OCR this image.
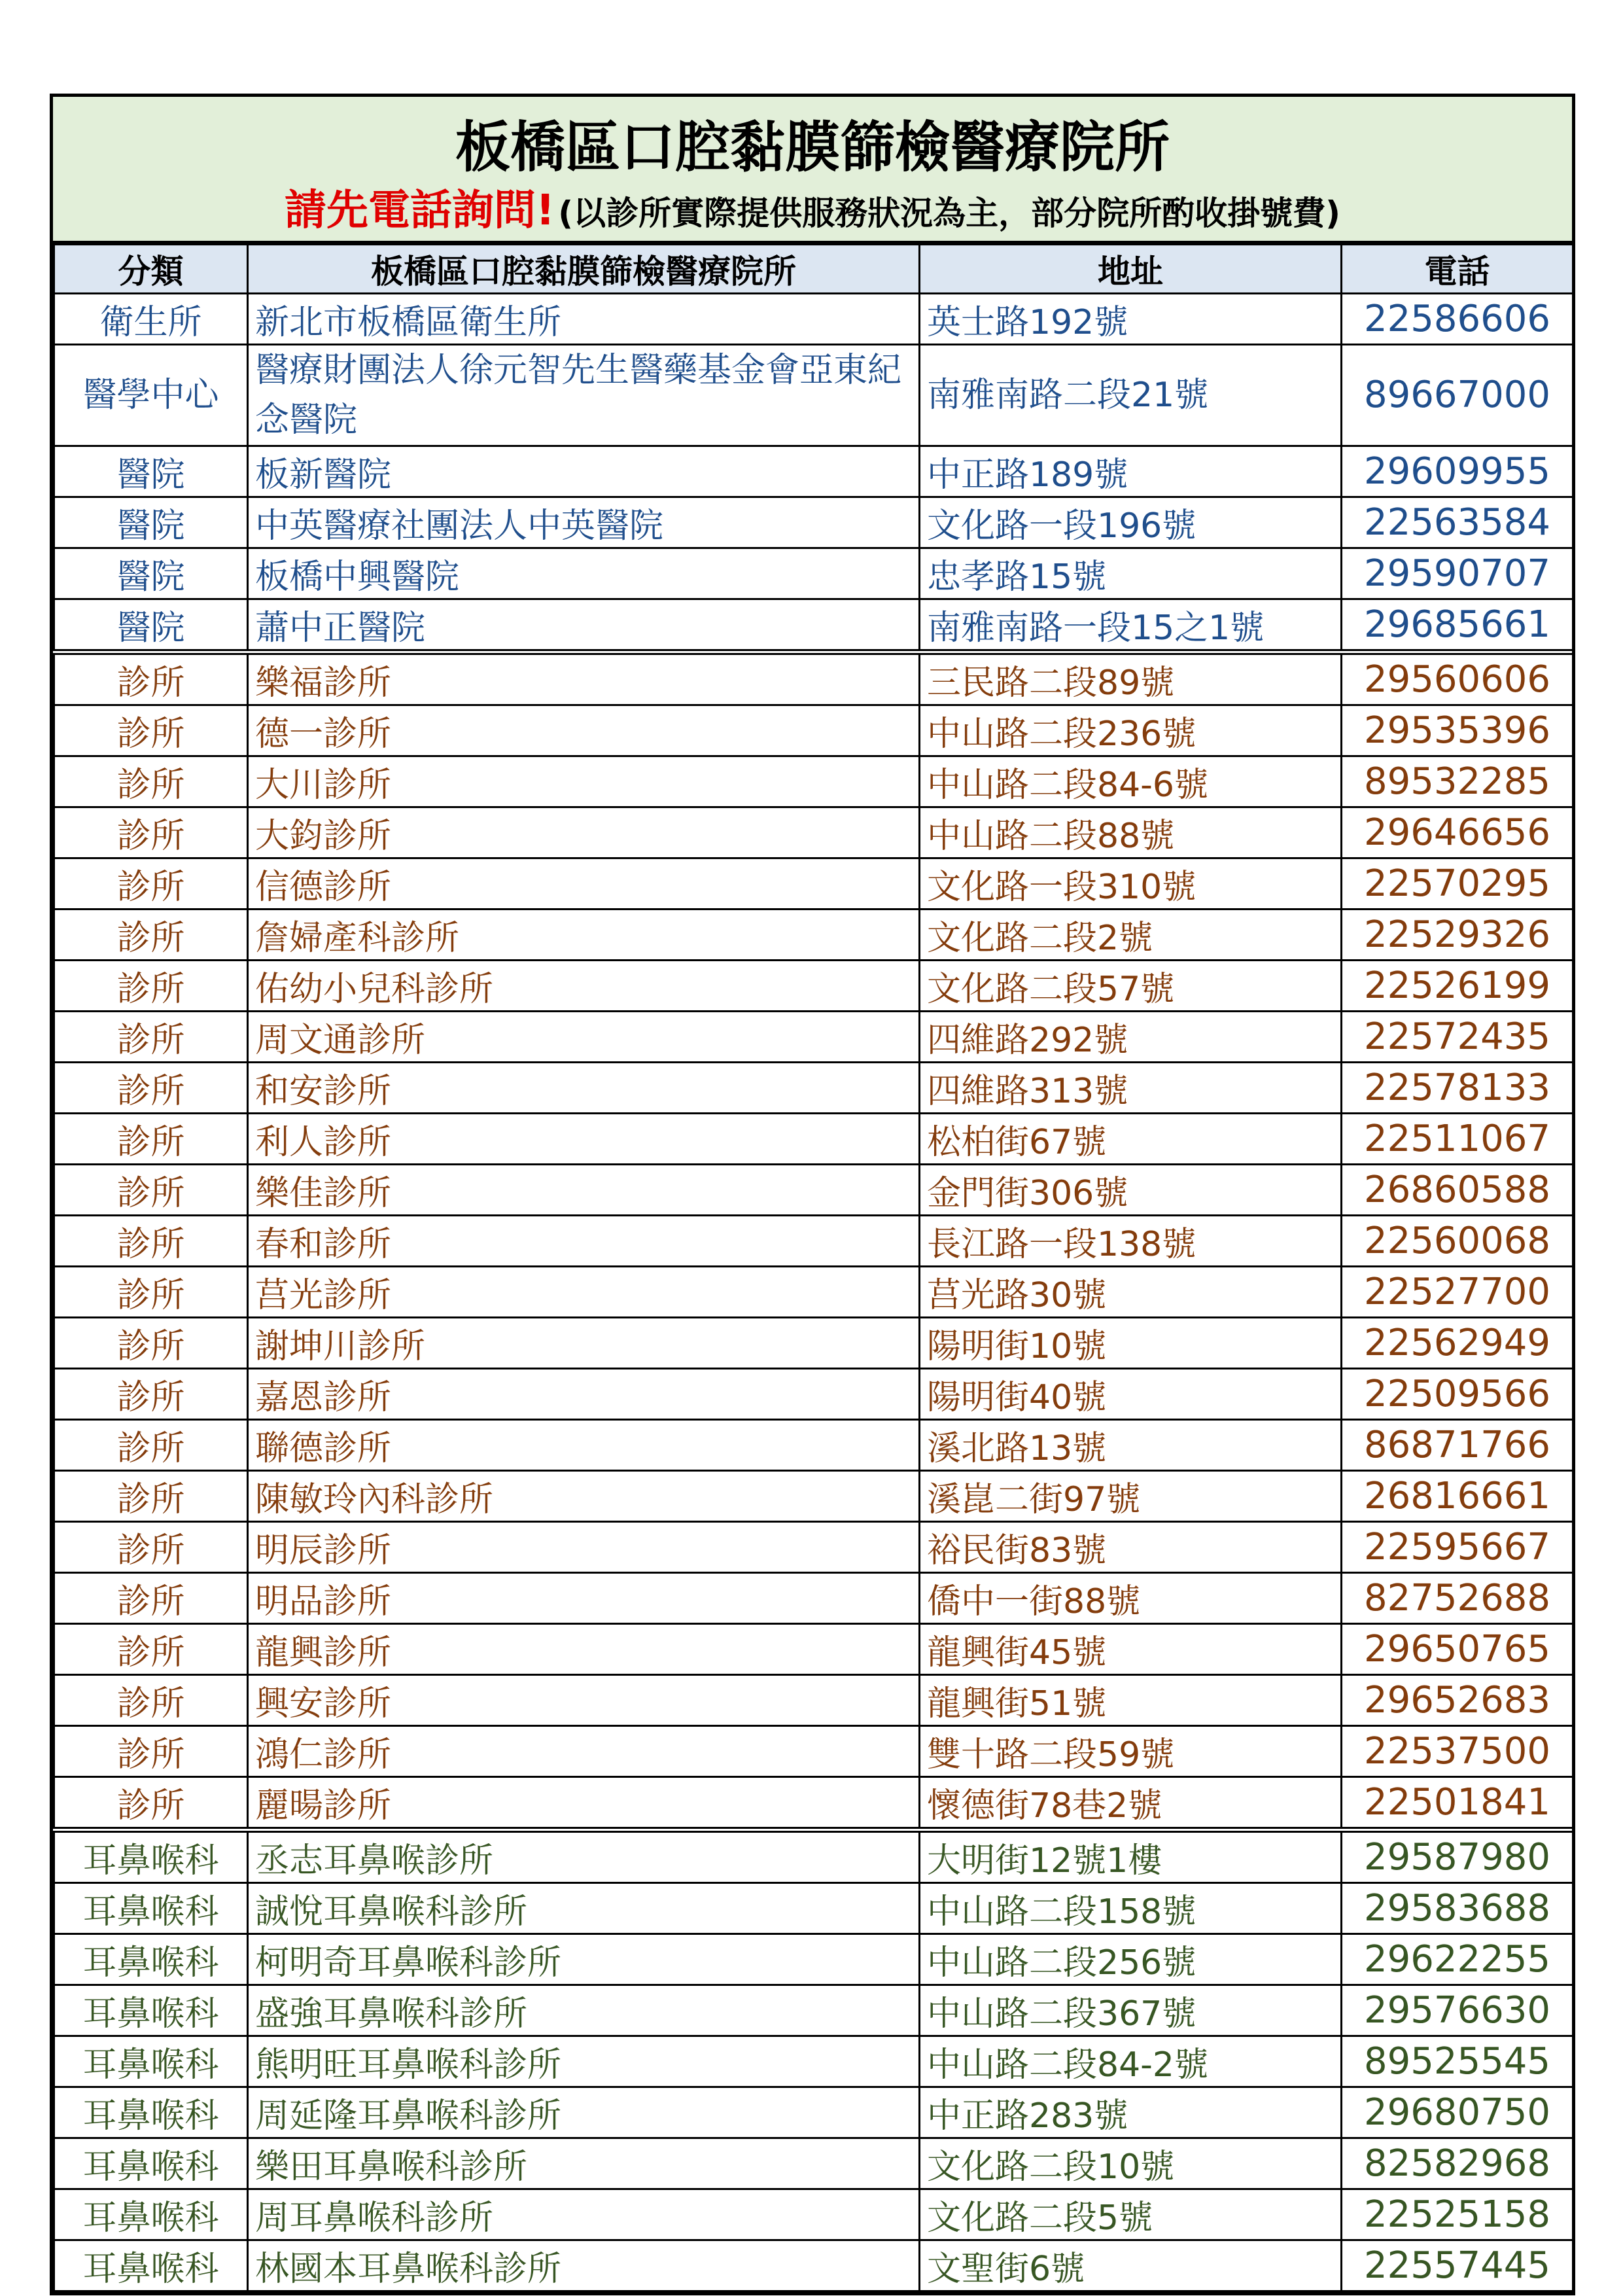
板橋區口腔黏膜篩檢醫療院所
請先電話詢問! (以診所實際提供服務狀況為主，部分院所酌收掛號費)
分類	板橋區口腔黏膜篩檢醫療院所	地址	電話
衛生所	新北市板橋區衛生所	英士路192號	22586606
醫學中心	醫療財團法人徐元智先生醫藥基金會亞東紀念醫院	南雅南路二段21號	89667000
醫院	板新醫院	中正路189號	29609955
醫院	中英醫療社團法人中英醫院	文化路一段196號	22563584
醫院	板橋中興醫院	忠孝路15號	29590707
醫院	蕭中正醫院	南雅南路一段15之1號	29685661
診所	樂福診所	三民路二段89號	29560606
診所	德一診所	中山路二段236號	29535396
診所	大川診所	中山路二段84-6號	89532285
診所	大鈞診所	中山路二段88號	29646656
診所	信德診所	文化路一段310號	22570295
診所	詹婦產科診所	文化路二段2號	22529326
診所	佑幼小兒科診所	文化路二段57號	22526199
診所	周文通診所	四維路292號	22572435
診所	和安診所	四維路313號	22578133
診所	利人診所	松柏街67號	22511067
診所	樂佳診所	金門街306號	26860588
診所	春和診所	長江路一段138號	22560068
診所	莒光診所	莒光路30號	22527700
診所	謝坤川診所	陽明街10號	22562949
診所	嘉恩診所	陽明街40號	22509566
診所	聯德診所	溪北路13號	86871766
診所	陳敏玲內科診所	溪崑二街97號	26816661
診所	明辰診所	裕民街83號	22595667
診所	明品診所	僑中一街88號	82752688
診所	龍興診所	龍興街45號	29650765
診所	興安診所	龍興街51號	29652683
診所	鴻仁診所	雙十路二段59號	22537500
診所	麗暘診所	懷德街78巷2號	22501841
耳鼻喉科	丞志耳鼻喉診所	大明街12號1樓	29587980
耳鼻喉科	誠悅耳鼻喉科診所	中山路二段158號	29583688
耳鼻喉科	柯明奇耳鼻喉科診所	中山路二段256號	29622255
耳鼻喉科	盛強耳鼻喉科診所	中山路二段367號	29576630
耳鼻喉科	熊明旺耳鼻喉科診所	中山路二段84-2號	89525545
耳鼻喉科	周延隆耳鼻喉科診所	中正路283號	29680750
耳鼻喉科	樂田耳鼻喉科診所	文化路二段10號	82582968
耳鼻喉科	周耳鼻喉科診所	文化路二段5號	22525158
耳鼻喉科	林國本耳鼻喉科診所	文聖街6號	22557445
